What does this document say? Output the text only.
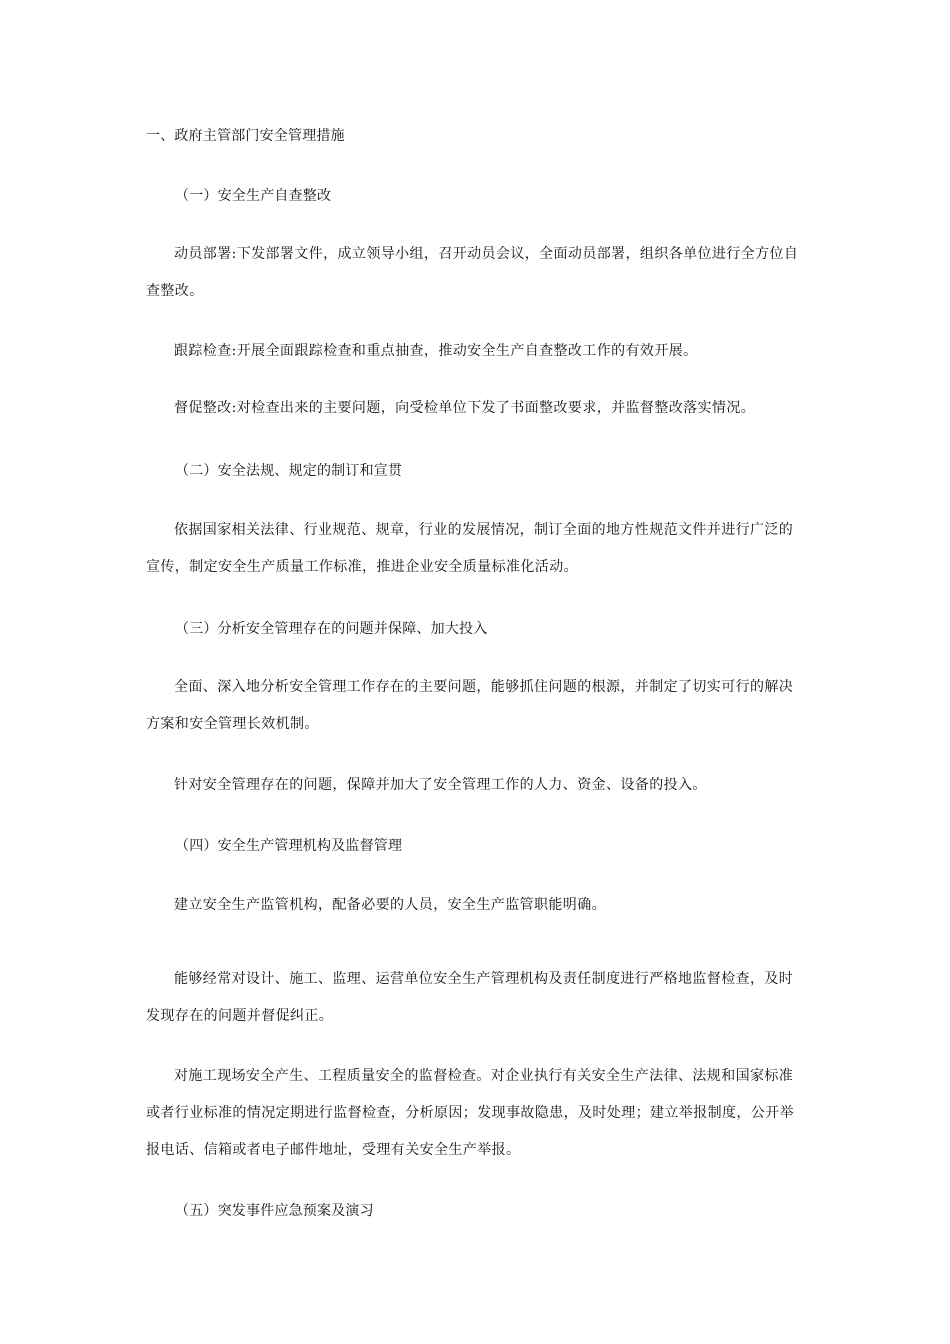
一、政府主管部门安全管理措施
（一）安全生产自查整改
动员部署:下发部署文件，成立领导小组，召开动员会议，全面动员部署，组织各单位进行全方位自查整改。
跟踪检查:开展全面跟踪检查和重点抽查，推动安全生产自查整改工作的有效开展。
督促整改:对检查出来的主要问题，向受检单位下发了书面整改要求，并监督整改落实情况。
（二）安全法规、规定的制订和宣贯
依据国家相关法律、行业规范、规章，行业的发展情况，制订全面的地方性规范文件并进行广泛的宣传，制定安全生产质量工作标准，推进企业安全质量标准化活动。
（三）分析安全管理存在的问题并保障、加大投入
全面、深入地分析安全管理工作存在的主要问题，能够抓住问题的根源，并制定了切实可行的解决方案和安全管理长效机制。
针对安全管理存在的问题，保障并加大了安全管理工作的人力、资金、设备的投入。
（四）安全生产管理机构及监督管理
建立安全生产监管机构，配备必要的人员，安全生产监管职能明确。
能够经常对设计、施工、监理、运营单位安全生产管理机构及责任制度进行严格地监督检查，及时发现存在的问题并督促纠正。
对施工现场安全产生、工程质量安全的监督检查。对企业执行有关安全生产法律、法规和国家标准或者行业标准的情况定期进行监督检查，分析原因；发现事故隐患，及时处理；建立举报制度，公开举报电话、信箱或者电子邮件地址，受理有关安全生产举报。
（五）突发事件应急预案及演习
